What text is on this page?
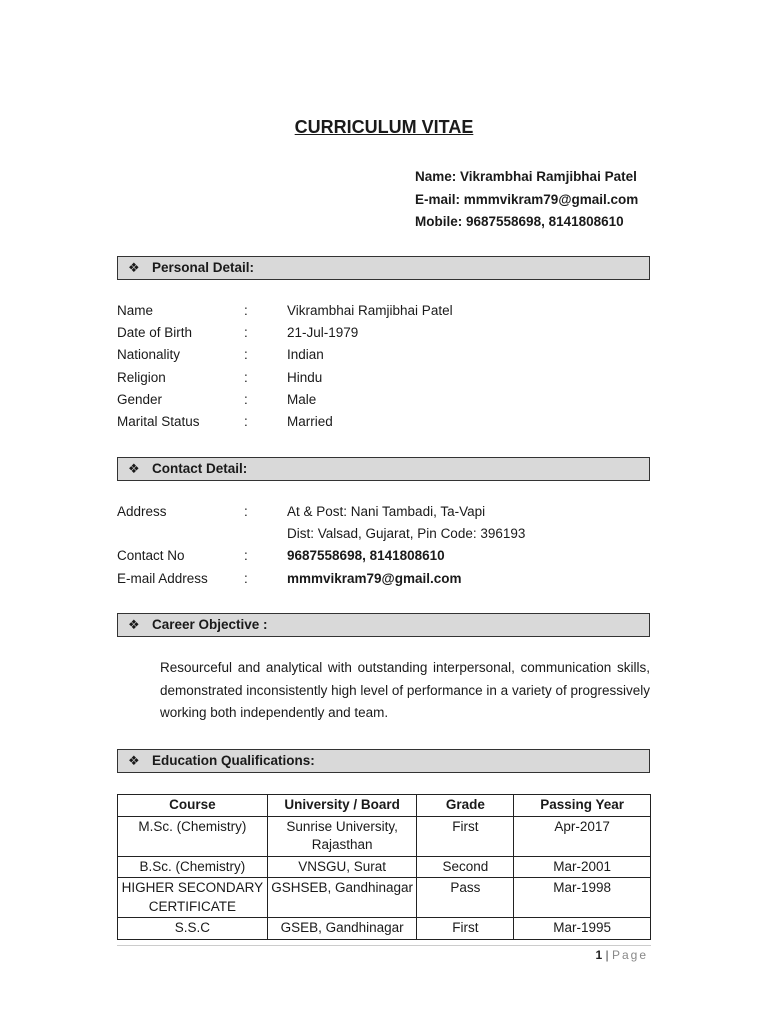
CURRICULUM VITAE
Name: Vikrambhai Ramjibhai Patel
E-mail: mmmvikram79@gmail.com
Mobile: 9687558698, 8141808610
❖ Personal Detail:
Name	:	Vikrambhai Ramjibhai Patel
Date of Birth	:	21-Jul-1979
Nationality	:	Indian
Religion	:	Hindu
Gender	:	Male
Marital Status	:	Married
❖ Contact Detail:
Address	:	At & Post: Nani Tambadi, Ta-Vapi
Dist: Valsad, Gujarat, Pin Code: 396193
Contact No	:	9687558698, 8141808610
E-mail Address	:	mmmvikram79@gmail.com
❖ Career Objective :
Resourceful and analytical with outstanding interpersonal, communication skills, demonstrated inconsistently high level of performance in a variety of progressively working both independently and team.
❖ Education Qualifications:
Course	University / Board	Grade	Passing Year
M.Sc. (Chemistry)	Sunrise University, Rajasthan	First	Apr-2017
B.Sc. (Chemistry)	VNSGU, Surat	Second	Mar-2001
HIGHER SECONDARY CERTIFICATE	GSHSEB, Gandhinagar	Pass	Mar-1998
S.S.C	GSEB, Gandhinagar	First	Mar-1995
1 | Page
